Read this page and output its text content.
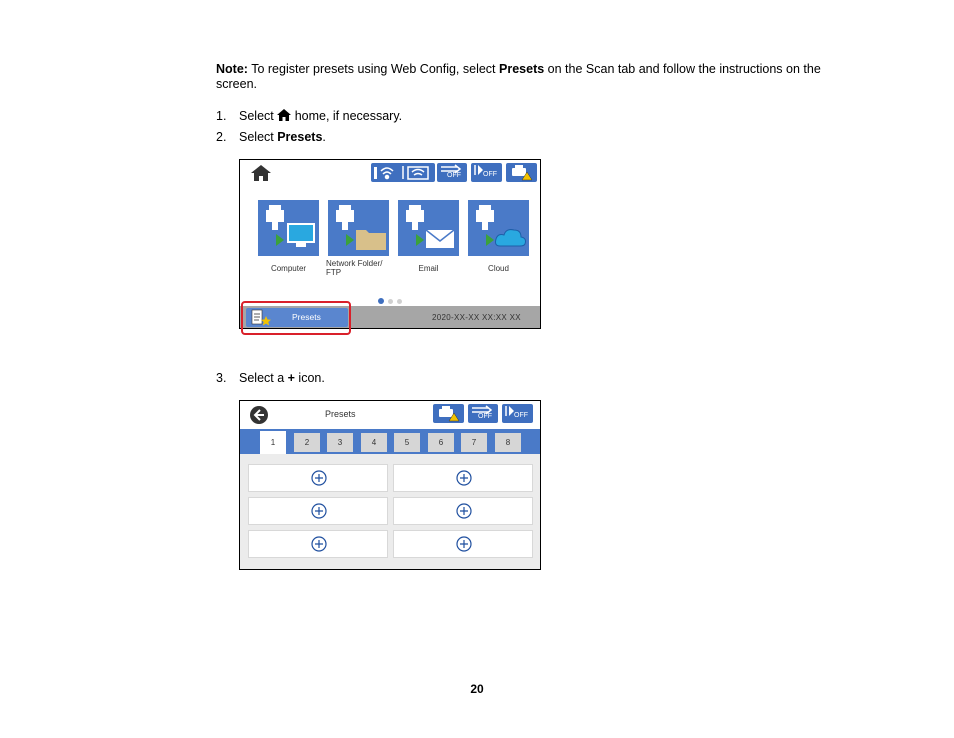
Note: To register presets using Web Config, select Presets on the Scan tab and follow the instructions on the screen.
1. Select  home, if necessary.
2. Select Presets.
OFF	OFF
Computer
Network Folder/ FTP	Email	Cloud
Presets	2020-XX-XX XX:XX XX
3. Select a + icon.
Presets	OFF	OFF
1	2	3	4	5	6	7	8
20
